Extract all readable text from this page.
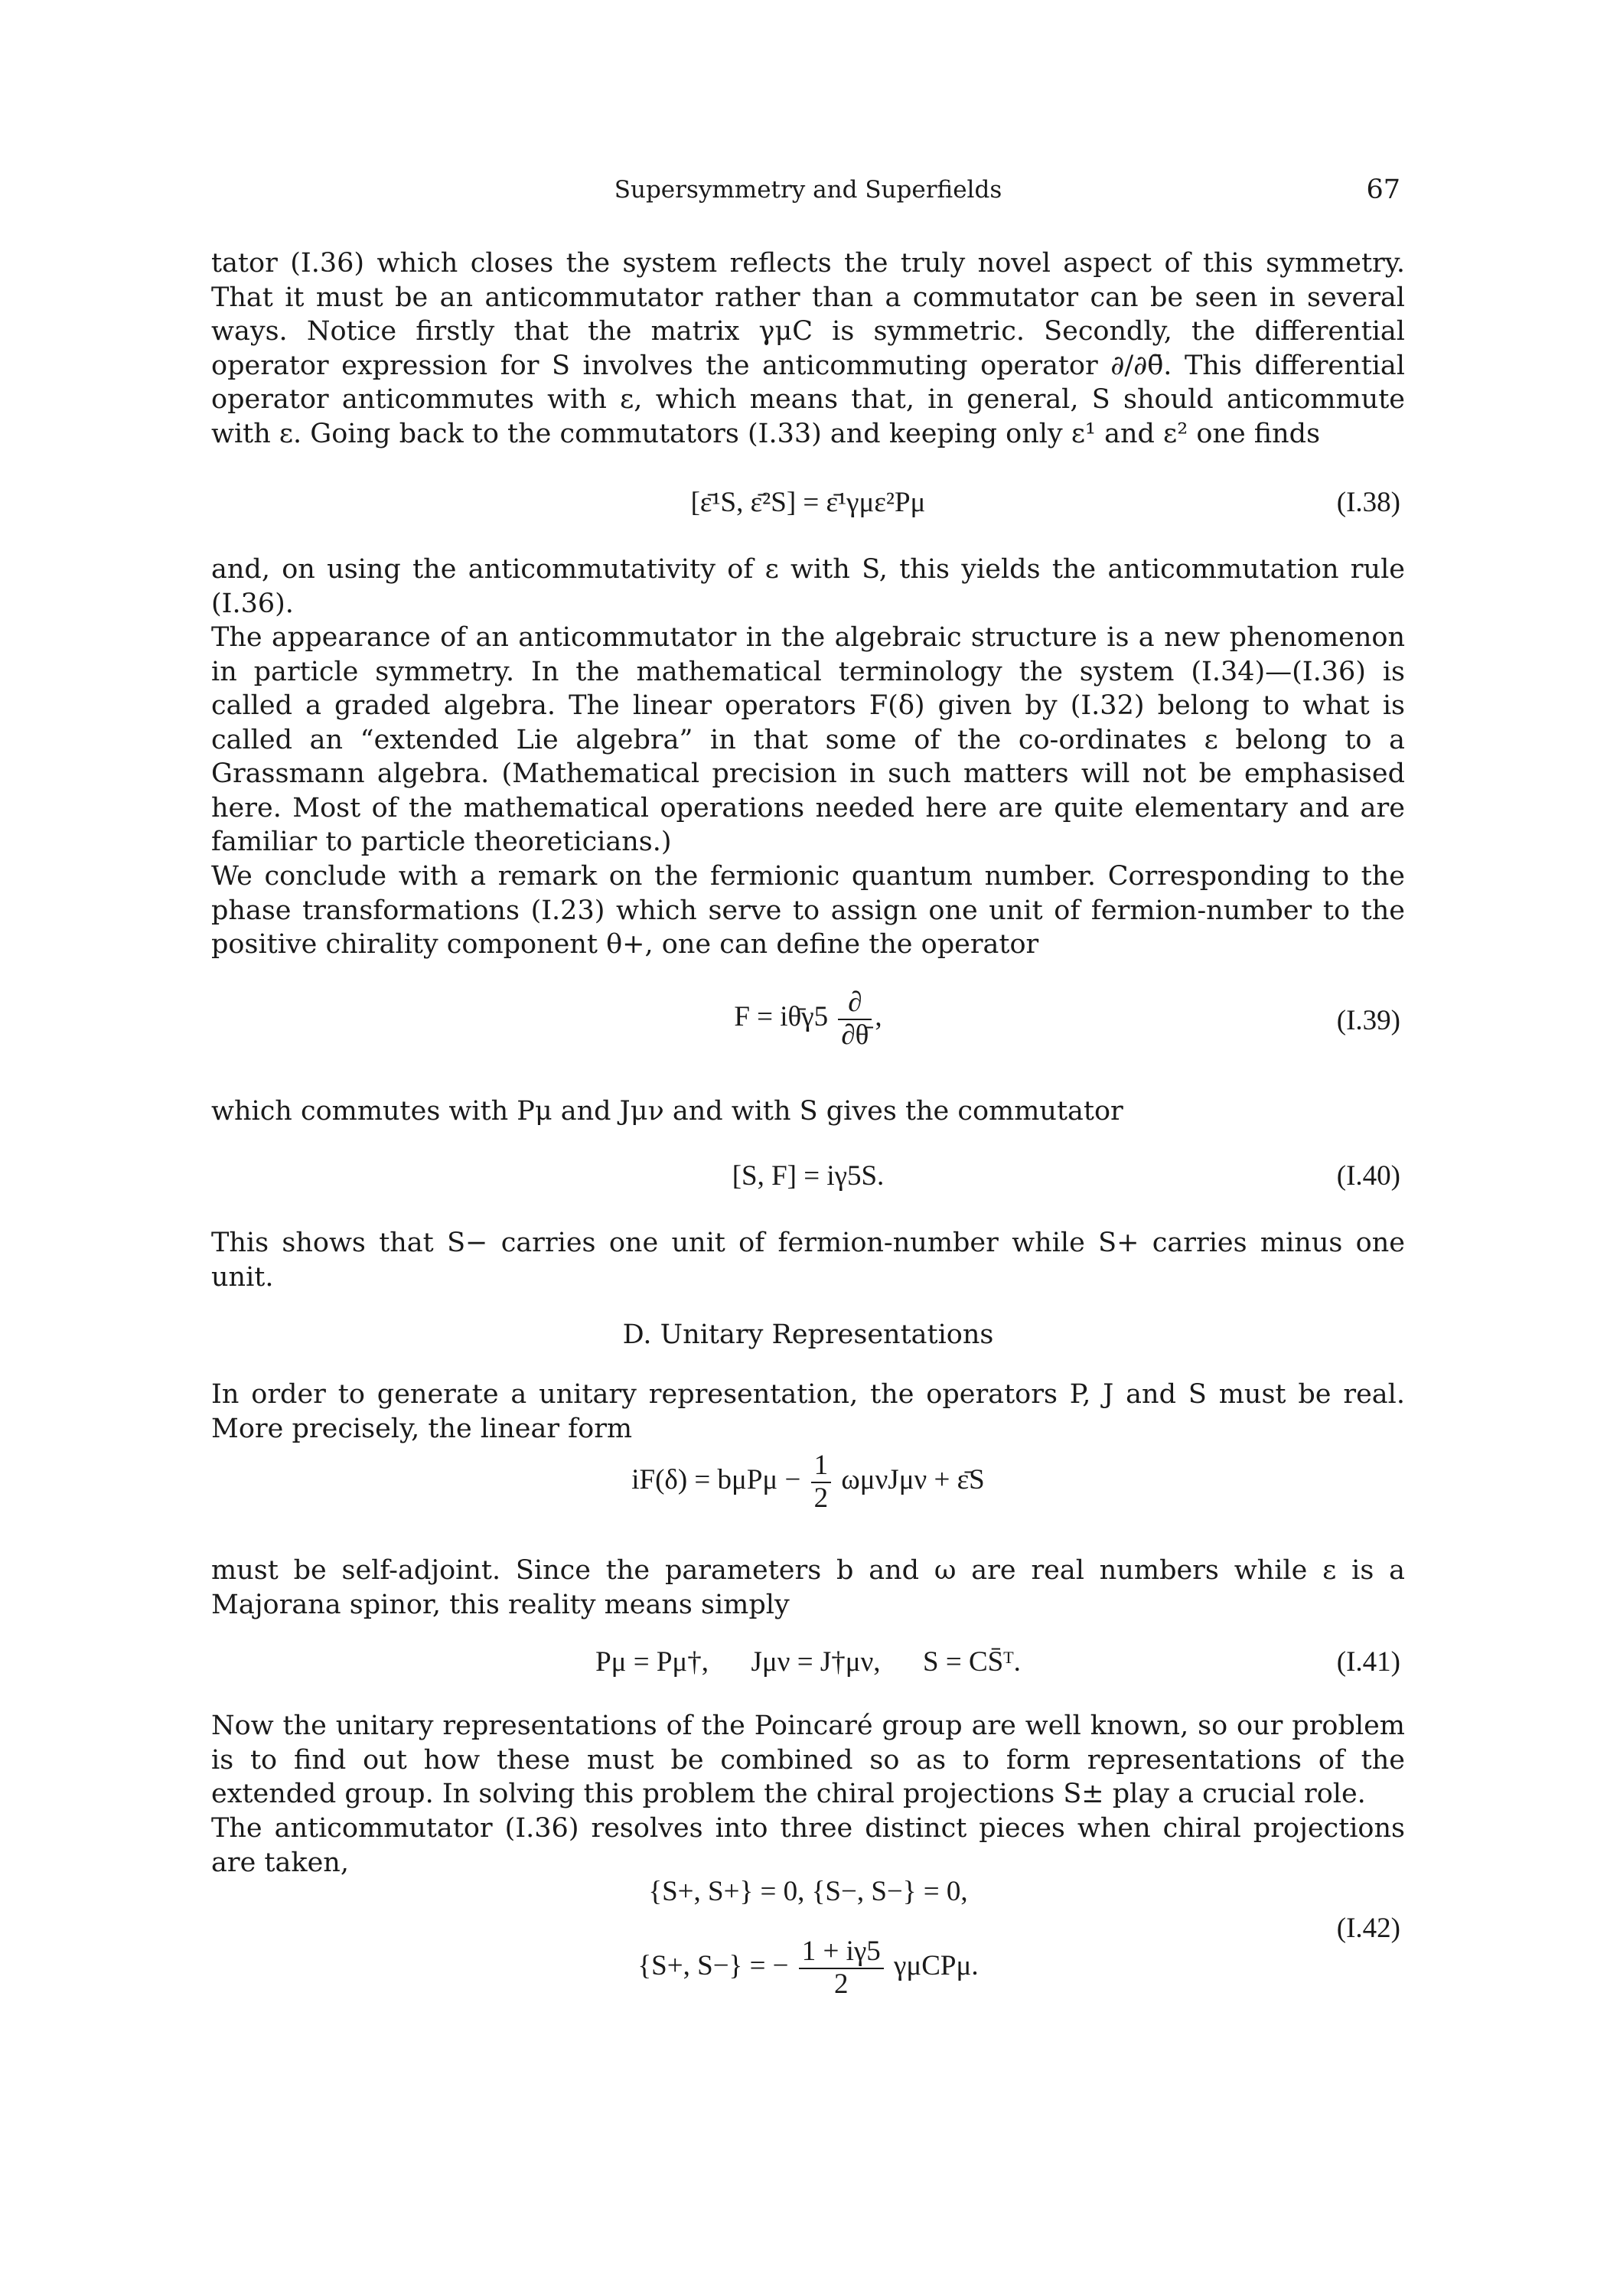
Supersymmetry and Superfields	67

tator (I.36) which closes the system reflects the truly novel aspect of this symmetry. That it must be an anticommutator rather than a commutator can be seen in several ways. Notice firstly that the matrix γμC is symmetric. Secondly, the differential operator expression for S involves the anticommuting operator ∂/∂θ̄. This differential operator anticommutes with ε, which means that, in general, S should anticommute with ε. Going back to the commutators (I.33) and keeping only ε¹ and ε² one finds

[ε̄¹S, ε̄²S] = ε̄¹γμε²Pμ	(I.38)

and, on using the anticommutativity of ε with S, this yields the anticommutation rule (I.36).

The appearance of an anticommutator in the algebraic structure is a new phenomenon in particle symmetry. In the mathematical terminology the system (I.34)—(I.36) is called a graded algebra. The linear operators F(δ) given by (I.32) belong to what is called an “extended Lie algebra” in that some of the co-ordinates ε belong to a Grassmann algebra. (Mathematical precision in such matters will not be emphasised here. Most of the mathematical operations needed here are quite elementary and are familiar to particle theoreticians.)

We conclude with a remark on the fermionic quantum number. Corresponding to the phase transformations (I.23) which serve to assign one unit of fermion-number to the positive chirality component θ+, one can define the operator

F = iθ̄γ5 $\frac{\partial}{\partial\thetā}$ ,	(I.39)

which commutes with Pμ and Jμν and with S gives the commutator

[S, F] = iγ5S.	(I.40)

This shows that S− carries one unit of fermion-number while S+ carries minus one unit.

D. Unitary Representations

In order to generate a unitary representation, the operators P, J and S must be real. More precisely, the linear form

$iF(\delta) = b\mu P\mu - \frac{1}{2}$ ωμνJμν + ε̄S

must be self-adjoint. Since the parameters b and ω are real numbers while ε is a Majorana spinor, this reality means simply

Pμ = Pμ†,      Jμν = J†μν,      S = CS̄ᵀ.	(I.41)

Now the unitary representations of the Poincaré group are well known, so our problem is to find out how these must be combined so as to form representations of the extended group. In solving this problem the chiral projections S± play a crucial role.

The anticommutator (I.36) resolves into three distinct pieces when chiral projections are taken,

{S+, S+} = 0, {S−, S−} = 0,
{S+, S−} = − $\frac{1 + i\gamma 5}{2} \gamma\mu CP\mu$.
(I.42)
